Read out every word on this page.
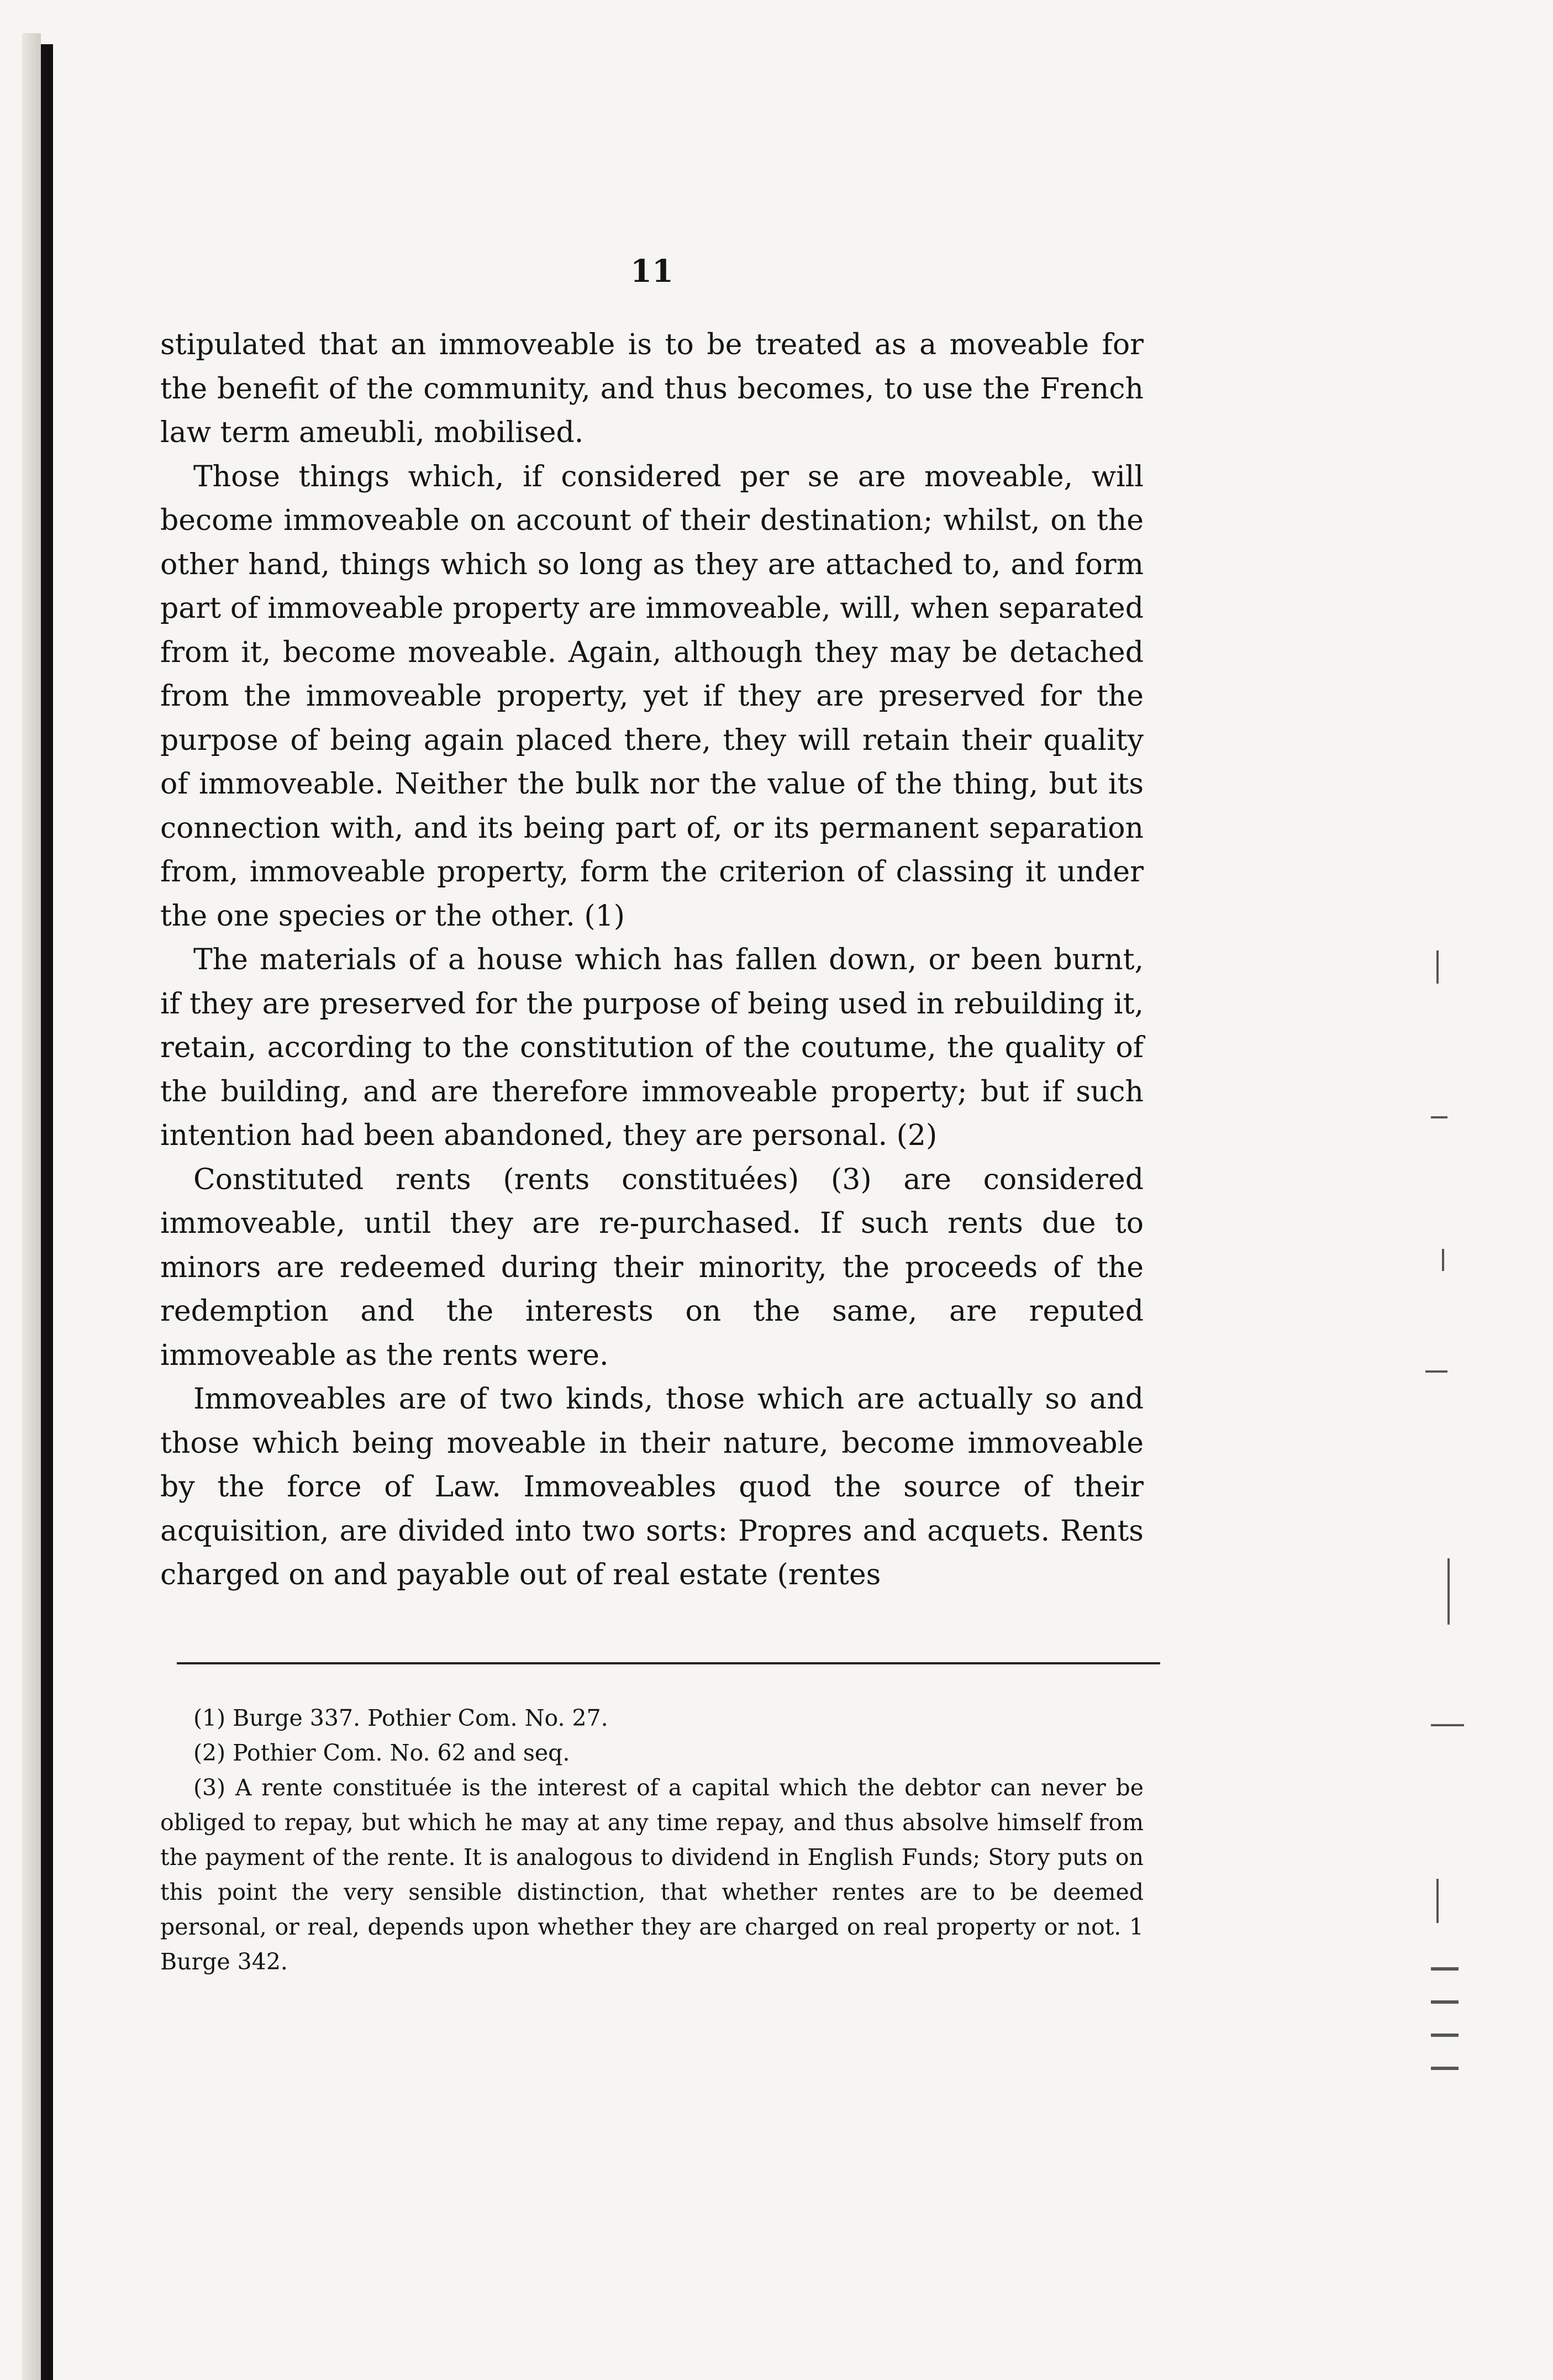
11

stipulated that an immoveable is to be treated as a moveable for the benefit of the community, and thus becomes, to use the French law term ameubli, mobilised.

Those things which, if considered per se are moveable, will become immoveable on account of their destination; whilst, on the other hand, things which so long as they are attached to, and form part of immoveable property are immoveable, will, when separated from it, become moveable. Again, although they may be detached from the immoveable property, yet if they are preserved for the purpose of being again placed there, they will retain their quality of immoveable. Neither the bulk nor the value of the thing, but its connection with, and its being part of, or its permanent separation from, immoveable property, form the criterion of classing it under the one species or the other. (1)

The materials of a house which has fallen down, or been burnt, if they are preserved for the purpose of being used in rebuilding it, retain, according to the constitution of the coutume, the quality of the building, and are therefore immoveable property; but if such intention had been abandoned, they are personal. (2)

Constituted rents (rents constituées) (3) are considered immoveable, until they are re-purchased. If such rents due to minors are redeemed during their minority, the proceeds of the redemption and the interests on the same, are reputed immoveable as the rents were.

Immoveables are of two kinds, those which are actually so and those which being moveable in their nature, become immoveable by the force of Law. Immoveables quod the source of their acquisition, are divided into two sorts: Propres and acquets. Rents charged on and payable out of real estate (rentes

(1) Burge 337. Pothier Com. No. 27.

(2) Pothier Com. No. 62 and seq.

(3) A rente constituée is the interest of a capital which the debtor can never be obliged to repay, but which he may at any time repay, and thus absolve himself from the payment of the rente. It is analogous to dividend in English Funds; Story puts on this point the very sensible distinction, that whether rentes are to be deemed personal, or real, depends upon whether they are charged on real property or not. 1 Burge 342.
